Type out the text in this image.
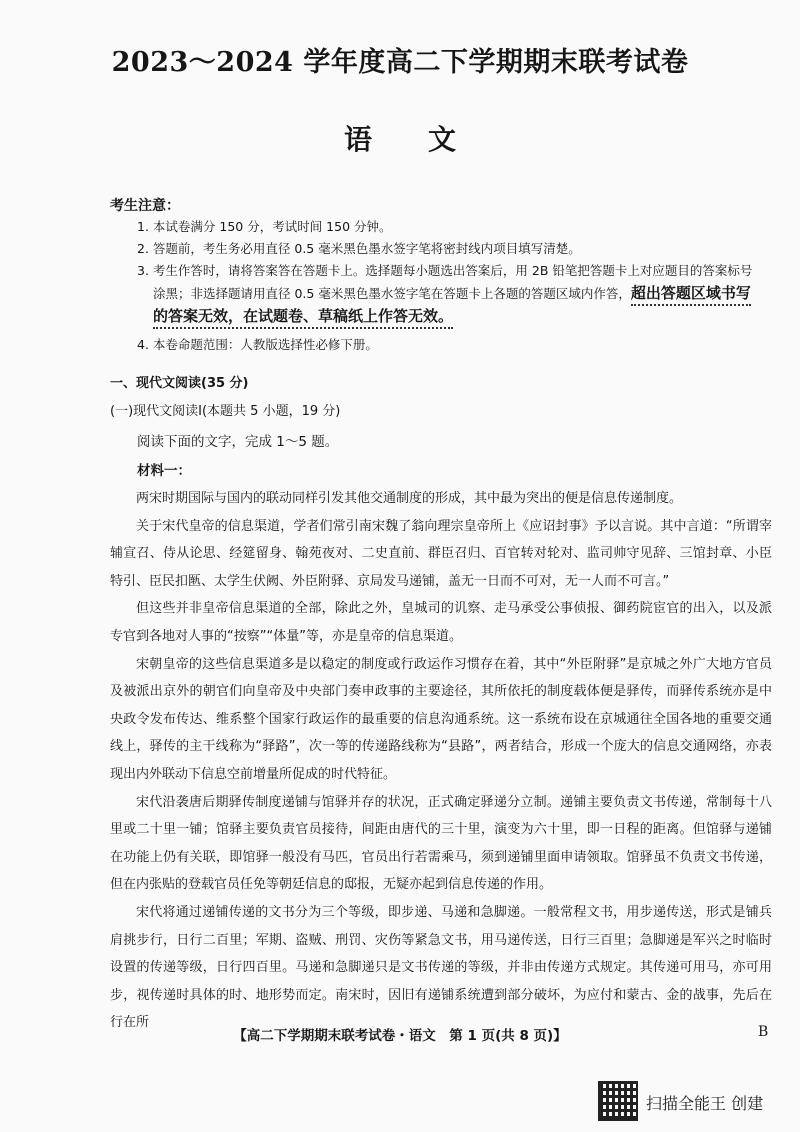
2023～2024 学年度高二下学期期末联考试卷
语文
考生注意：
1. 本试卷满分 150 分，考试时间 150 分钟。
2. 答题前，考生务必用直径 0.5 毫米黑色墨水签字笔将密封线内项目填写清楚。
3. 考生作答时，请将答案答在答题卡上。选择题每小题选出答案后，用 2B 铅笔把答题卡上对应题目的答案标号
涂黑；非选择题请用直径 0.5 毫米黑色墨水签字笔在答题卡上各题的答题区域内作答，超出答题区域书写
的答案无效，在试题卷、草稿纸上作答无效。
4. 本卷命题范围：人教版选择性必修下册。
一、现代文阅读(35 分)
(一)现代文阅读Ⅰ(本题共 5 小题，19 分)
阅读下面的文字，完成 1～5 题。
材料一：

两宋时期国际与国内的联动同样引发其他交通制度的形成，其中最为突出的便是信息传递制度。

关于宋代皇帝的信息渠道，学者们常引南宋魏了翁向理宗皇帝所上《应诏封事》予以言说。其中言道：“所谓宰辅宣召、侍从论思、经筵留身、翰苑夜对、二史直前、群臣召归、百官转对轮对、监司帅守见辞、三馆封章、小臣特引、臣民扣匦、太学生伏阙、外臣附驿、京局发马递铺，盖无一日而不可对，无一人而不可言。”

但这些并非皇帝信息渠道的全部，除此之外，皇城司的讥察、走马承受公事侦报、御药院宦官的出入，以及派专官到各地对人事的“按察”“体量”等，亦是皇帝的信息渠道。

宋朝皇帝的这些信息渠道多是以稳定的制度或行政运作习惯存在着，其中“外臣附驿”是京城之外广大地方官员及被派出京外的朝官们向皇帝及中央部门奏申政事的主要途径，其所依托的制度载体便是驿传，而驿传系统亦是中央政令发布传达、维系整个国家行政运作的最重要的信息沟通系统。这一系统布设在京城通往全国各地的重要交通线上，驿传的主干线称为“驿路”，次一等的传递路线称为“县路”，两者结合，形成一个庞大的信息交通网络，亦表现出内外联动下信息空前增量所促成的时代特征。

宋代沿袭唐后期驿传制度递铺与馆驿并存的状况，正式确定驿递分立制。递铺主要负责文书传递，常制每十八里或二十里一铺；馆驿主要负责官员接待，间距由唐代的三十里，演变为六十里，即一日程的距离。但馆驿与递铺在功能上仍有关联，即馆驿一般没有马匹，官员出行若需乘马，须到递铺里面申请领取。馆驿虽不负责文书传递，但在内张贴的登载官员任免等朝廷信息的邸报，无疑亦起到信息传递的作用。

宋代将通过递铺传递的文书分为三个等级，即步递、马递和急脚递。一般常程文书，用步递传送，形式是铺兵肩挑步行，日行二百里；军期、盗贼、刑罚、灾伤等紧急文书，用马递传送，日行三百里；急脚递是军兴之时临时设置的传递等级，日行四百里。马递和急脚递只是文书传递的等级，并非由传递方式规定。其传递可用马，亦可用步，视传递时具体的时、地形势而定。南宋时，因旧有递铺系统遭到部分破坏，为应付和蒙古、金的战事，先后在行在所

【高二下学期期末联考试卷・语文　第 1 页(共 8 页)】	B
扫描全能王 创建
